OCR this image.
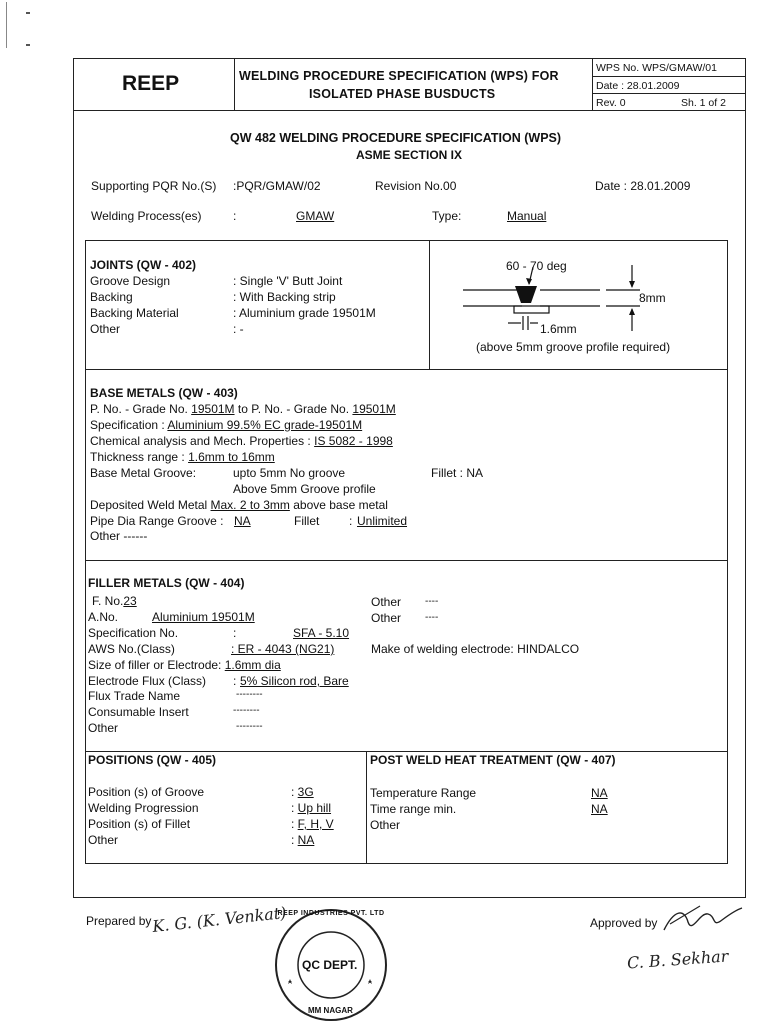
REEP	WELDING PROCEDURE SPECIFICATION (WPS) FOR
ISOLATED PHASE BUSDUCTS
WPS No. WPS/GMAW/01
Date : 28.01.2009
Rev. 0	Sh. 1 of 2
QW 482 WELDING PROCEDURE SPECIFICATION (WPS)
ASME SECTION IX
Supporting PQR No.(S) :PQR/GMAW/02	Revision No.00	Date : 28.01.2009
Welding Process(es)	:	GMAW	Type:	Manual
JOINTS (QW - 402)
Groove Design	: Single 'V' Butt Joint
Backing	: With Backing strip
Backing Material	: Aluminium grade 19501M
Other	: -
60 - 70 deg
8mm
1.6mm
(above 5mm groove profile required)
BASE METALS (QW - 403)
P. No. - Grade No. 19501M to P. No. - Grade No. 19501M
Specification : Aluminium 99.5% EC grade-19501M
Chemical analysis and Mech. Properties : IS 5082 - 1998
Thickness range : 1.6mm to 16mm
Base Metal Groove:	upto 5mm No groove	Fillet : NA
Above 5mm Groove profile
Deposited Weld Metal Max. 2 to 3mm above base metal
Pipe Dia Range Groove : NA	Fillet : Unlimited
Other ------
FILLER METALS (QW - 404)
F. No.23
A.No.	Aluminium 19501M
Specification No.	:	SFA - 5.10
AWS No.(Class)	: ER - 4043 (NG21)
Size of filler or Electrode: 1.6mm dia
Electrode Flux (Class) : 5% Silicon rod, Bare
Flux Trade Name	--------
Consumable Insert	--------
Other	--------
Other ----
Other ----
Make of welding electrode: HINDALCO
POSITIONS (QW - 405)
Position (s) of Groove	: 3G
Welding Progression	: Up hill
Position (s) of Fillet	: F, H, V
Other	: NA
POST WELD HEAT TREATMENT (QW - 407)
Temperature Range	NA
Time range min.	NA
Other
Prepared by K. G. (K. Venkat)	Approved by
C. B. Sekhar
REEP INDUSTRIES PVT. LTD
QC DEPT.
MM NAGAR
